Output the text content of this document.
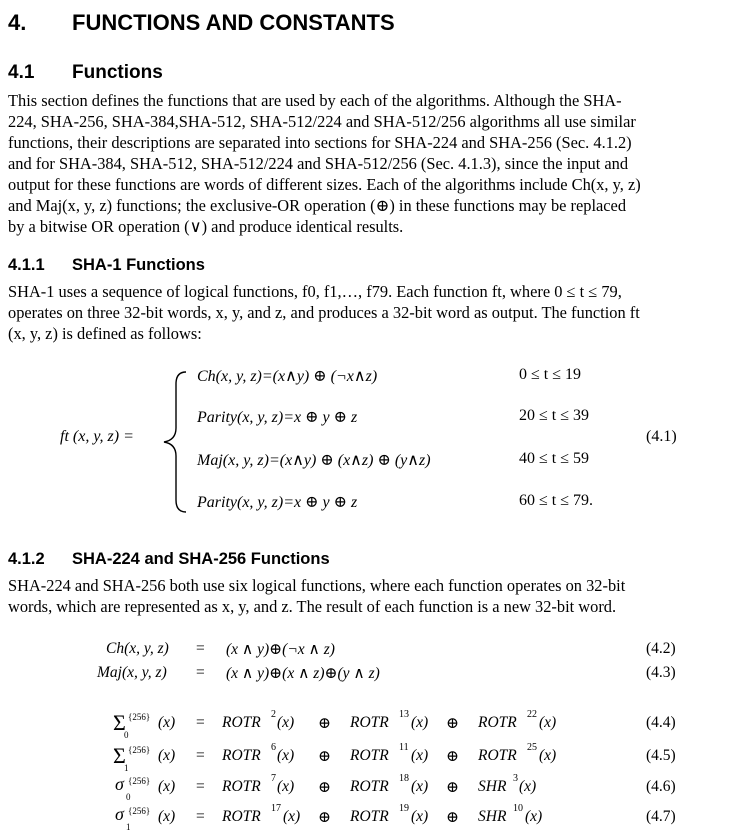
4. FUNCTIONS AND CONSTANTS
4.1 Functions
This section defines the functions that are used by each of the algorithms. Although the SHA-
224, SHA-256, SHA-384,SHA-512, SHA-512/224 and SHA-512/256 algorithms all use similar
functions, their descriptions are separated into sections for SHA-224 and SHA-256 (Sec. 4.1.2)
and for SHA-384, SHA-512, SHA-512/224 and SHA-512/256 (Sec. 4.1.3), since the input and
output for these functions are words of different sizes. Each of the algorithms include Ch(x, y, z)
and Maj(x, y, z) functions; the exclusive-OR operation (⊕) in these functions may be replaced
by a bitwise OR operation (∨) and produce identical results.
4.1.1 SHA-1 Functions
SHA-1 uses a sequence of logical functions, f0, f1,…, f79. Each function ft, where 0 ≤ t ≤ 79,
operates on three 32-bit words, x, y, and z, and produces a 32-bit word as output. The function ft
(x, y, z) is defined as follows:
ft (x, y, z) =
Ch(x, y, z)=(x∧y) ⊕ (¬x∧z)	0 ≤ t ≤ 19
Parity(x, y, z)=x ⊕ y ⊕ z	20 ≤ t ≤ 39
(4.1)
Maj(x, y, z)=(x∧y) ⊕ (x∧z) ⊕ (y∧z)	40 ≤ t ≤ 59
Parity(x, y, z)=x ⊕ y ⊕ z	60 ≤ t ≤ 79.
4.1.2 SHA-224 and SHA-256 Functions
SHA-224 and SHA-256 both use six logical functions, where each function operates on 32-bit
words, which are represented as x, y, and z. The result of each function is a new 32-bit word.
Ch(x, y, z) = (x ∧ y)⊕(¬x ∧ z)	(4.2)
Maj(x, y, z) = (x ∧ y)⊕(x ∧ z)⊕(y ∧ z)	(4.3)
Σ {256}
0
(x) = ROTR 2 (x) ⊕ ROTR 13 (x) ⊕ ROTR 22 (x)	(4.4)
Σ {256}
1
(x) = ROTR 6 (x) ⊕ ROTR 11 (x) ⊕ ROTR 25 (x)	(4.5)
σ {256}
0
(x) = ROTR 7 (x) ⊕ ROTR 18 (x) ⊕ SHR 3 (x)	(4.6)
σ {256}
1
(x) = ROTR 17 (x) ⊕ ROTR 19 (x) ⊕ SHR 10 (x)	(4.7)
